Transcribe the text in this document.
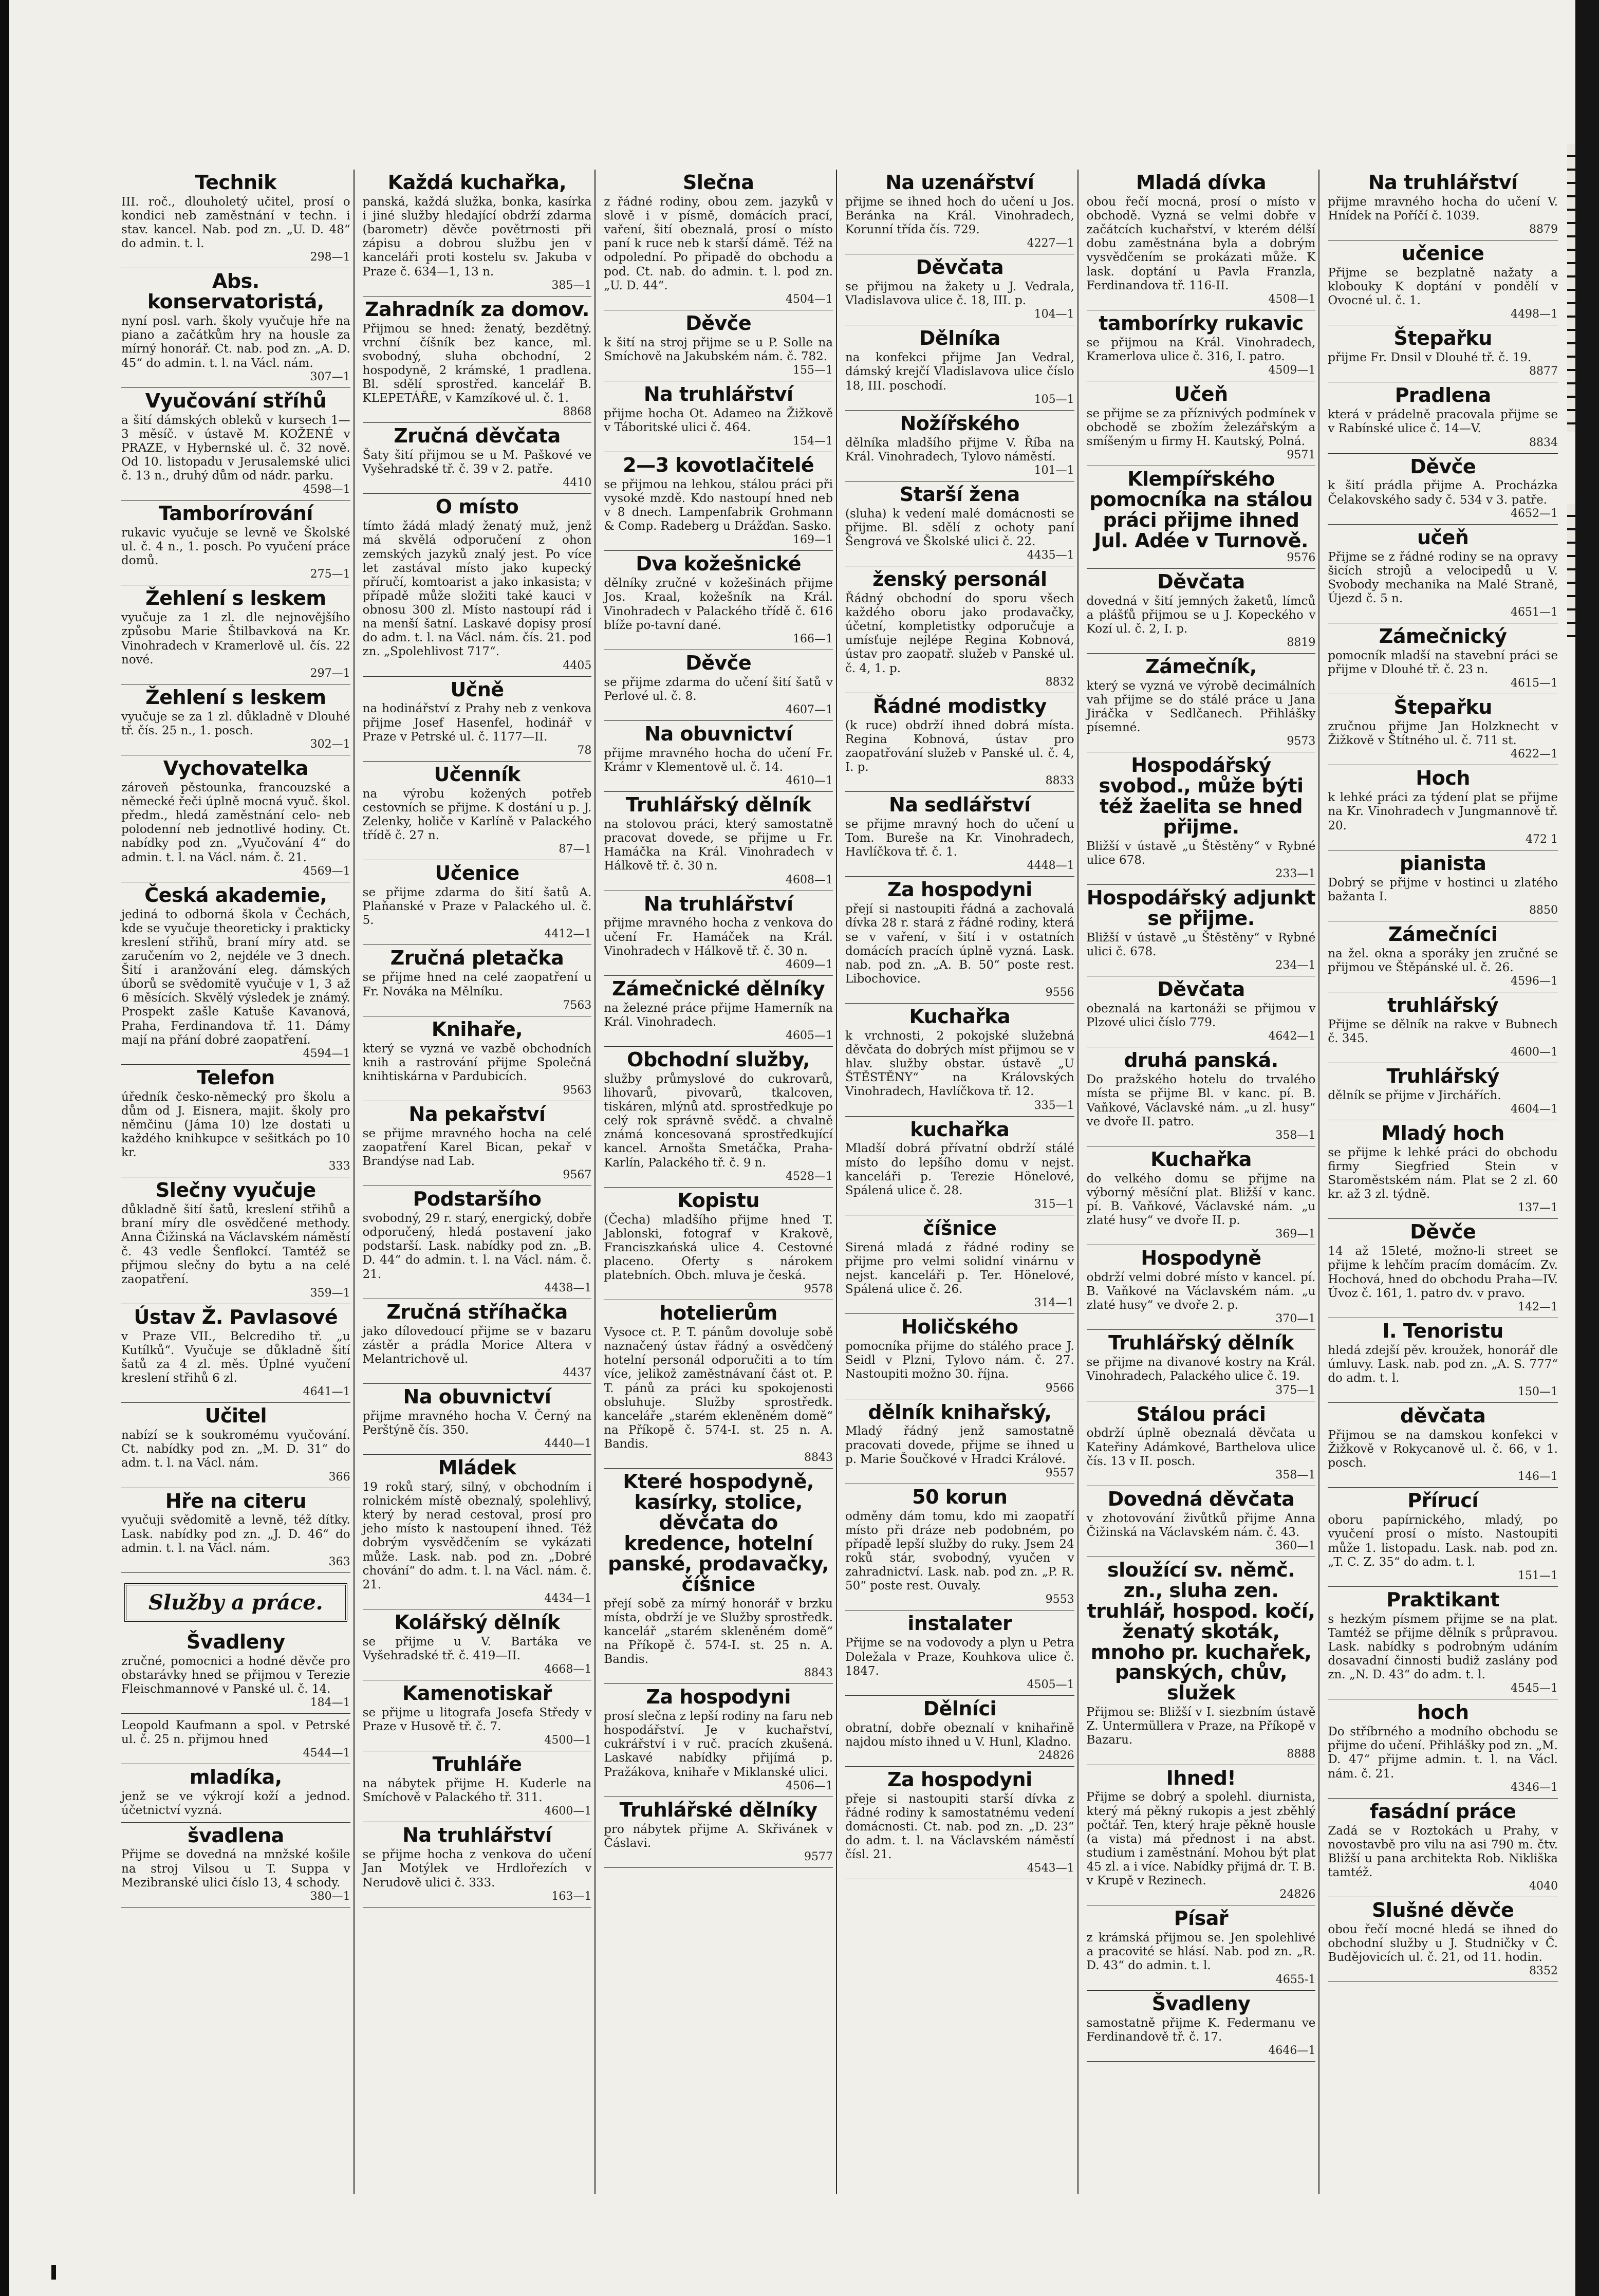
Technik
III. roč., dlouholetý učitel, prosí o kondici neb zaměstnání v techn. i stav. kancel. Nab. pod zn. „U. D. 48“ do admin. t. l.
298—1
Abs. konservatoristá,
nyní posl. varh. školy vyučuje hře na piano a začátkům hry na housle za mírný honorář. Ct. nab. pod zn. „A. D. 45“ do admin. t. l. na Václ. nám.
307—1
Vyučování stříhů
a šití dámských obleků v kursech 1—3 měsíč. v ústavě M. KOŽENÉ v PRAZE, v Hybernské ul. č. 32 nově. Od 10. listopadu v Jerusalemské ulici č. 13 n., druhý dům od nádr. parku.
4598—1
Tamborírování
rukavic vyučuje se levně ve Školské ul. č. 4 n., 1. posch. Po vyučení práce domů.
275—1
Žehlení s leskem
vyučuje za 1 zl. dle nejnovějšího způsobu Marie Štilbavková na Kr. Vinohradech v Kramerlově ul. čís. 22 nové.
297—1
Žehlení s leskem
vyučuje se za 1 zl. důkladně v Dlouhé tř. čís. 25 n., 1. posch.
302—1
Vychovatelka
zároveň pěstounka, francouzské a německé řeči úplně mocná vyuč. škol. předm., hledá zaměstnání celo- neb polodenní neb jednotlivé hodiny. Ct. nabídky pod zn. „Vyučování 4“ do admin. t. l. na Václ. nám. č. 21.
4569—1
Česká akademie,
jediná to odborná škola v Čechách, kde se vyučuje theoreticky i prakticky kreslení střihů, braní míry atd. se zaručením vo 2, nejdéle ve 3 dnech. Šití i aranžování eleg. dámských úborů se svědomitě vyučuje v 1, 3 až 6 měsících. Skvělý výsledek je známý. Prospekt zašle Katuše Kavanová, Praha, Ferdinandova tř. 11. Dámy mají na přání dobré zaopatření.
4594—1
Telefon
úředník česko-německý pro školu a dům od J. Eisnera, majit. školy pro němčinu (Jáma 10) lze dostati u každého knihkupce v sešitkách po 10 kr.
333
Slečny vyučuje
důkladně šití šatů, kreslení střihů a braní míry dle osvědčené methody. Anna Čižinská na Václavském náměstí č. 43 vedle Šenflokcí. Tamtéž se přijmou slečny do bytu a na celé zaopatření.
359—1
Ústav Ž. Pavlasové
v Praze VII., Belcrediho tř. „u Kutílků“. Vyučuje se důkladně šití šatů za 4 zl. měs. Úplné vyučení kreslení střihů 6 zl.
4641—1
Učitel
nabízí se k soukromému vyučování. Ct. nabídky pod zn. „M. D. 31“ do adm. t. l. na Václ. nám.
366
Hře na citeru
vyučuji svědomitě a levně, též dítky. Lask. nabídky pod zn. „J. D. 46“ do admin. t. l. na Václ. nám.
363
Služby a práce.
Švadleny
zručné, pomocnici a hodné děvče pro obstarávky hned se přijmou v Terezie Fleischmannové v Panské ul. č. 14.
184—1
Leopold Kaufmann a spol. v Petrské ul. č. 25 n. přijmou hned
4544—1
mladíka,
jenž se ve výkrojí koží a jednod. účetnictví vyzná.
švadlena
Přijme se dovedná na mnžské košile na stroj Vilsou u T. Suppa v Mezibranské ulici číslo 13, 4 schody.
380—1
Každá kuchařka,
panská, každá služka, bonka, kasírka i jiné služby hledající obdrží zdarma (barometr) děvče povětrnosti při zápisu a dobrou službu jen v kanceláři proti kostelu sv. Jakuba v Praze č. 634—1, 13 n.
385—1
Zahradník za domov.
Přijmou se hned: ženatý, bezdětný. vrchní číšník bez kance, ml. svobodný, sluha obchodní, 2 hospodyně, 2 krámské, 1 pradlena. Bl. sdělí sprostřed. kancelář B. KLEPETÁŘE, v Kamzíkové ul. č. 1.
8868
Zručná děvčata
Šaty šití přijmou se u M. Paškové ve Vyšehradské tř. č. 39 v 2. patře.
4410
O místo
tímto žádá mladý ženatý muž, jenž má skvělá odporučení z ohon zemských jazyků znalý jest. Po více let zastával místo jako kupecký příručí, komtoarist a jako inkasista; v případě může složiti také kauci v obnosu 300 zl. Místo nastoupí rád i na menší šatní. Laskavé dopisy prosí do adm. t. l. na Václ. nám. čís. 21. pod zn. „Spolehlivost 717“.
4405
Učně
na hodinářství z Prahy neb z venkova přijme Josef Hasenfel, hodinář v Praze v Petrské ul. č. 1177—II.
78
Učenník
na výrobu kožených potřeb cestovních se přijme. K dostání u p. J. Zelenky, holiče v Karlíně v Palackého třídě č. 27 n.
87—1
Učenice
se přijme zdarma do šití šatů A. Plaňanské v Praze v Palackého ul. č. 5.
4412—1
Zručná pletačka
se přijme hned na celé zaopatření u Fr. Nováka na Mělníku.
7563
Knihaře,
který se vyzná ve vazbě obchodních knih a rastrování přijme Společná knihtiskárna v Pardubicích.
9563
Na pekařství
se přijme mravného hocha na celé zaopatření Karel Bican, pekař v Brandýse nad Lab.
9567
Podstaršího
svobodný, 29 r. starý, energický, dobře odporučený, hledá postavení jako podstarší. Lask. nabídky pod zn. „B. D. 44“ do admin. t. l. na Václ. nám. č. 21.
4438—1
Zručná stříhačka
jako dílovedoucí přijme se v bazaru zástěr a prádla Morice Altera v Melantrichově ul.
4437
Na obuvnictví
přijme mravného hocha V. Černý na Perštýně čís. 350.
4440—1
Mládek
19 roků starý, silný, v obchodním i rolnickém místě obeznalý, spolehlivý, který by nerad cestoval, prosí pro jeho místo k nastoupení ihned. Též dobrým vysvědčením se vykázati může. Lask. nab. pod zn. „Dobré chování“ do adm. t. l. na Václ. nám. č. 21.
4434—1
Kolářský dělník
se přijme u V. Bartáka ve Vyšehradské tř. č. 419—II.
4668—1
Kamenotiskař
se přijme u litografa Josefa Středy v Praze v Husově tř. č. 7.
4500—1
Truhláře
na nábytek přijme H. Kuderle na Smíchově v Palackého tř. 311.
4600—1
Na truhlářství
se přijme hocha z venkova do učení Jan Motýlek ve Hrdlořezích v Nerudově ulici č. 333.
163—1
Slečna
z řádné rodiny, obou zem. jazyků v slově i v písmě, domácích prací, vaření, šití obeznalá, prosí o místo paní k ruce neb k starší dámě. Též na odpolední. Po připadě do obchodu a pod. Ct. nab. do admin. t. l. pod zn. „U. D. 44“.
4504—1
Děvče
k šití na stroj přijme se u P. Solle na Smíchově na Jakubském nám. č. 782.
155—1
Na truhlářství
přijme hocha Ot. Adameo na Žižkově v Táboritské ulici č. 464.
154—1
2—3 kovotlačitelé
se přijmou na lehkou, stálou práci při vysoké mzdě. Kdo nastoupí hned neb v 8 dnech. Lampenfabrik Grohmann & Comp. Radeberg u Drážďan. Sasko.
169—1
Dva kožešnické
dělníky zručné v kožešinách přijme Jos. Kraal, kožešník na Král. Vinohradech v Palackého třídě č. 616 blíže po-tavní dané.
166—1
Děvče
se přijme zdarma do učení šití šatů v Perlové ul. č. 8.
4607—1
Na obuvnictví
přijme mravného hocha do učení Fr. Krámr v Klementově ul. č. 14.
4610—1
Truhlářský dělník
na stolovou práci, který samostatně pracovat dovede, se přijme u Fr. Hamáčka na Král. Vinohradech v Hálkově tř. č. 30 n.
4608—1
Na truhlářství
přijme mravného hocha z venkova do učení Fr. Hamáček na Král. Vinohradech v Hálkově tř. č. 30 n.
4609—1
Zámečnické dělníky
na železné práce přijme Hamerník na Král. Vinohradech.
4605—1
Obchodní služby,
služby průmyslové do cukrovarů, lihovarů, pivovarů, tkalcoven, tiskáren, mlýnů atd. sprostředkuje po celý rok správně svědč. a chvalně známá koncesovaná sprostředkující kancel. Arnošta Smetáčka, Praha-Karlín, Palackého tř. č. 9 n.
4528—1
Kopistu
(Čecha) mladšího přijme hned T. Jablonski, fotograf v Krakově, Franciszkańská ulice 4. Cestovné placeno. Oferty s nárokem platebních. Obch. mluva je česká.
9578
hotelierům
Vysoce ct. P. T. pánům dovoluje sobě naznačený ústav řádný a osvědčený hotelní personál odporučiti a to tím více, jelikož zaměstnávaní část ot. P. T. pánů za práci ku spokojenosti obsluhuje. Služby sprostředk. kanceláře „starém ekleněném domě“ na Příkopě č. 574-I. st. 25 n. A. Bandis.
8843
Které hospodyně, kasírky, stolice, děvčata do kredence, hotelní panské, prodavačky, číšnice
přejí sobě za mírný honorář v brzku místa, obdrží je ve Služby sprostředk. kancelář „starém skleněném domě“ na Příkopě č. 574-I. st. 25 n. A. Bandis.
8843
Za hospodyni
prosí slečna z lepší rodiny na faru neb hospodářství. Je v kuchařství, cukrářství i v ruč. pracích zkušená. Laskavé nabídky přijímá p. Pražákova, knihaře v Miklanské ulici.
4506—1
Truhlářské dělníky
pro nábytek přijme A. Skřivánek v Čáslavi.
9577
Na uzenářství
přijme se ihned hoch do učení u Jos. Beránka na Král. Vinohradech, Korunní třída čís. 729.
4227—1
Děvčata
se přijmou na žakety u J. Vedrala, Vladislavova ulice č. 18, III. p.
104—1
Dělníka
na konfekci přijme Jan Vedral, dámský krejčí Vladislavova ulice číslo 18, III. poschodí.
105—1
Nožířského
dělníka mladšího přijme V. Říba na Král. Vinohradech, Tylovo náměstí.
101—1
Starší žena
(sluha) k vedení malé domácnosti se přijme. Bl. sdělí z ochoty paní Šengrová ve Školské ulici č. 22.
4435—1
ženský personál
Řádný obchodní do sporu všech každého oboru jako prodavačky, účetní, kompletistky odporučuje a umísťuje nejlépe Regina Kobnová, ústav pro zaopatř. služeb v Panské ul. č. 4, 1. p.
8832
Řádné modistky
(k ruce) obdrží ihned dobrá místa. Regina Kobnová, ústav pro zaopatřování služeb v Panské ul. č. 4, I. p.
8833
Na sedlářství
se přijme mravný hoch do učení u Tom. Bureše na Kr. Vinohradech, Havlíčkova tř. č. 1.
4448—1
Za hospodyni
přejí si nastoupiti řádná a zachovalá dívka 28 r. stará z řádné rodiny, která se v vaření, v šití i v ostatních domácích pracích úplně vyzná. Lask. nab. pod zn. „A. B. 50“ poste rest. Libochovice.
9556
Kuchařka
k vrchnosti, 2 pokojské služebná děvčata do dobrých míst přijmou se v hlav. služby obstar. ústavě „U ŠTĚSTĚNY“ na Královských Vinohradech, Havlíčkova tř. 12.
335—1
kuchařka
Mladší dobrá přívatní obdrží stálé místo do lepšího domu v nejst. kanceláři p. Terezie Hönelové, Spálená ulice č. 28.
315—1
číšnice
Sirená mladá z řádné rodiny se přijme pro velmi solidní vinárnu v nejst. kanceláři p. Ter. Hönelové, Spálená ulice č. 26.
314—1
Holičského
pomocníka přijme do stálého prace J. Seidl v Plzni, Tylovo nám. č. 27. Nastoupiti možno 30. října.
9566
dělník knihařský,
Mladý řádný jenž samostatně pracovati dovede, přijme se ihned u p. Marie Šoučkové v Hradci Králové.
9557
50 korun
odměny dám tomu, kdo mi zaopatří místo při dráze neb podobném, po případě lepší služby do ruky. Jsem 24 roků stár, svobodný, vyučen v zahradnictví. Lask. nab. pod zn. „P. R. 50“ poste rest. Ouvaly.
9553
instalater
Přijme se na vodovody a plyn u Petra Doležala v Praze, Kouhkova ulice č. 1847.
4505—1
Dělníci
obratní, dobře obeznalí v knihařině najdou místo ihned u V. Hunl, Kladno.
24826
Za hospodyni
přeje si nastoupiti starší dívka z řádné rodiny k samostatnému vedení domácnosti. Ct. nab. pod zn. „D. 23“ do adm. t. l. na Václavském náměstí čísl. 21.
4543—1
Mladá dívka
obou řečí mocná, prosí o místo v obchodě. Vyzná se velmi dobře v začátcích kuchařství, v kterém délší dobu zaměstnána byla a dobrým vysvědčením se prokázati může. K lask. doptání u Pavla Franzla, Ferdinandova tř. 116-II.
4508—1
tamborírky rukavic
se přijmou na Král. Vinohradech, Kramerlova ulice č. 316, I. patro.
4509—1
Učeň
se přijme se za příznivých podmínek v obchodě se zbožím železářským a smíšeným u firmy H. Kautský, Polná.
9571
Klempířského pomocníka na stálou práci přijme ihned Jul. Adée v Turnově.
9576
Děvčata
dovedná v šití jemných žaketů, límců a plášťů přijmou se u J. Kopeckého v Kozí ul. č. 2, I. p.
8819
Zámečník,
který se vyzná ve výrobě decimálních vah přijme se do stálé práce u Jana Jiráčka v Sedlčanech. Přihlášky písemné.
9573
Hospodářský svobod., může býti též žaelita se hned přijme.
Bližší v ústavě „u Štěstěny“ v Rybné ulice 678.
233—1
Hospodářský adjunkt se přijme.
Bližší v ústavě „u Štěstěny“ v Rybné ulici č. 678.
234—1
Děvčata
obeznalá na kartonáži se přijmou v Plzové ulici číslo 779.
4642—1
druhá panská.
Do pražského hotelu do trvalého místa se přijme Bl. v kanc. pí. B. Vaňkové, Václavské nám. „u zl. husy“ ve dvoře II. patro.
358—1
Kuchařka
do velkého domu se přijme na výborný měsíční plat. Bližší v kanc. pí. B. Vaňkové, Václavské nám. „u zlaté husy“ ve dvoře II. p.
369—1
Hospodyně
obdrží velmi dobré místo v kancel. pí. B. Vaňkové na Václavském nám. „u zlaté husy“ ve dvoře 2. p.
370—1
Truhlářský dělník
se přijme na divanové kostry na Král. Vinohradech, Palackého ulice č. 19.
375—1
Stálou práci
obdrží úplně obeznalá děvčata u Kateřiny Adámkové, Barthelova ulice čís. 13 v II. posch.
358—1
Dovedná děvčata
v zhotovování živůtků přijme Anna Čižinská na Václavském nám. č. 43.
360—1
sloužící sv. němč. zn., sluha zen. truhlář, hospod. kočí, ženatý skoták, mnoho pr. kuchařek, panských, chův, služek
Přijmou se: Bližší v I. siezbním ústavě Z. Untermüllera v Praze, na Příkopě v Bazaru.
8888
Ihned!
Přijme se dobrý a spolehl. diurnista, který má pěkný rukopis a jest zběhlý počtář. Ten, který hraje pěkně housle (a vista) má přednost i na abst. studium i zaměstnání. Mohou být plat 45 zl. a i více. Nabídky přijmá dr. T. B. v Krupě v Rezinech.
24826
Písař
z krámská přijmou se. Jen spolehlivé a pracovité se hlásí. Nab. pod zn. „R. D. 43“ do admin. t. l.
4655-1
Švadleny
samostatně přijme K. Federmanu ve Ferdinandově tř. č. 17.
4646—1
Na truhlářství
přijme mravného hocha do učení V. Hnídek na Poříčí č. 1039.
8879
učenice
Přijme se bezplatně nažaty a klobouky K doptání v pondělí v Ovocné ul. č. 1.
4498—1
Štepařku
přijme Fr. Dnsil v Dlouhé tř. č. 19.
8877
Pradlena
která v prádelně pracovala přijme se v Rabínské ulice č. 14—V.
8834
Děvče
k šití prádla přijme A. Procházka Čelakovského sady č. 534 v 3. patře.
4652—1
učeň
Přijme se z řádné rodiny se na opravy šicích strojů a velocipedů u V. Svobody mechanika na Malé Straně, Újezd č. 5 n.
4651—1
Zámečnický
pomocník mladší na stavební práci se přijme v Dlouhé tř. č. 23 n.
4615—1
Štepařku
zručnou přijme Jan Holzknecht v Žižkově v Štítného ul. č. 711 st.
4622—1
Hoch
k lehké práci za týdení plat se přijme na Kr. Vinohradech v Jungmannově tř. 20.
472 1
pianista
Dobrý se přijme v hostinci u zlatého bažanta I.
8850
Zámečníci
na žel. okna a sporáky jen zručné se přijmou ve Štěpánské ul. č. 26.
4596—1
truhlářský
Přijme se dělník na rakve v Bubnech č. 345.
4600—1
Truhlářský
dělník se přijme v Jirchářích.
4604—1
Mladý hoch
se přijme k lehké práci do obchodu firmy Siegfried Stein v Staroměstském nám. Plat se 2 zl. 60 kr. až 3 zl. týdně.
137—1
Děvče
14 až 15leté, možno-li street se přijme k lehčím pracím domácím. Zv. Hochová, hned do obchodu Praha—IV. Úvoz č. 161, 1. patro dv. v pravo.
142—1
I. Tenoristu
hledá zdejší pěv. kroužek, honorář dle úmluvy. Lask. nab. pod zn. „A. S. 777“ do adm. t. l.
150—1
děvčata
Přijmou se na damskou konfekci v Žižkově v Rokycanově ul. č. 66, v 1. posch.
146—1
Přírucí
oboru papírnického, mladý, po vyučení prosí o místo. Nastoupiti může 1. listopadu. Lask. nab. pod zn. „T. C. Z. 35“ do adm. t. l.
151—1
Praktikant
s hezkým písmem přijme se na plat. Tamtéž se přijme dělník s průpravou. Lask. nabídky s podrobným udáním dosavadní činnosti budiž zaslány pod zn. „N. D. 43“ do adm. t. l.
4545—1
hoch
Do stříbrného a modního obchodu se přijme do učení. Přihlášky pod zn. „M. D. 47“ přijme admin. t. l. na Václ. nám. č. 21.
4346—1
fasádní práce
Zadá se v Roztokách u Prahy, v novostavbě pro vilu na asi 790 m. čtv. Bližší u pana architekta Rob. Nikliška tamtéž.
4040
Slušné děvče
obou řečí mocné hledá se ihned do obchodní služby u J. Studničky v Č. Budějovicích ul. č. 21, od 11. hodin.
8352
